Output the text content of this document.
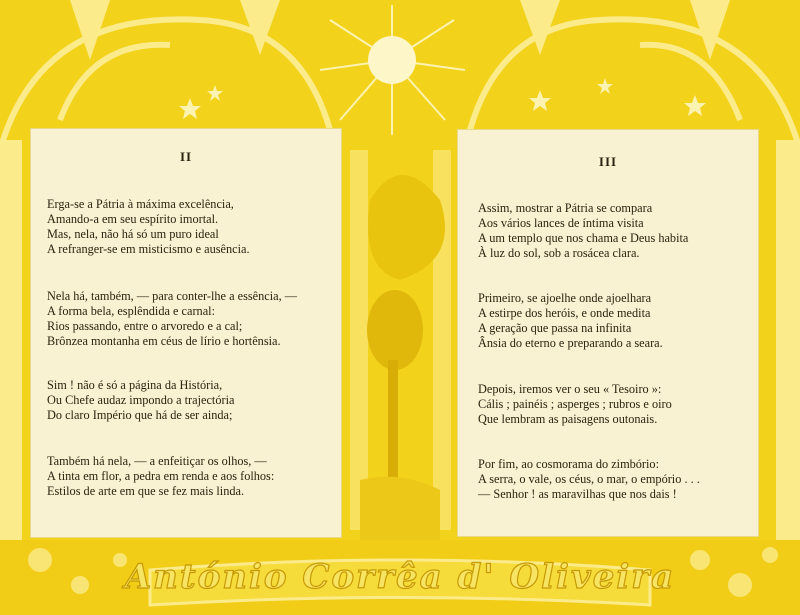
II
Erga-se a Pátria à máxima excelência,
Amando-a em seu espírito imortal.
Mas, nela, não há só um puro ideal
A refranger-se em misticismo e ausência.
Nela há, também, — para conter-lhe a essência, —
A forma bela, esplêndida e carnal:
Rios passando, entre o arvoredo e a cal;
Brônzea montanha em céus de lírio e hortênsia.
Sim ! não é só a página da História,
Ou Chefe audaz impondo a trajectória
Do claro Império que há de ser ainda;
Também há nela, — a enfeitiçar os olhos, —
A tinta em flor, a pedra em renda e aos folhos:
Estilos de arte em que se fez mais linda.
III
Assim, mostrar a Pátria se compara
Aos vários lances de íntima visita
A um templo que nos chama e Deus habita
À luz do sol, sob a rosácea clara.
Primeiro, se ajoelhe onde ajoelhara
A estirpe dos heróis, e onde medita
A geração que passa na infinita
Ânsia do eterno e preparando a seara.
Depois, iremos ver o seu « Tesoiro »:
Cális ; painéis ; asperges ; rubros e oiro
Que lembram as paisagens outonais.
Por fim, ao cosmorama do zimbório:
A serra, o vale, os céus, o mar, o empório . . .
— Senhor ! as maravilhas que nos dais !
António Corrêa d' Oliveira
